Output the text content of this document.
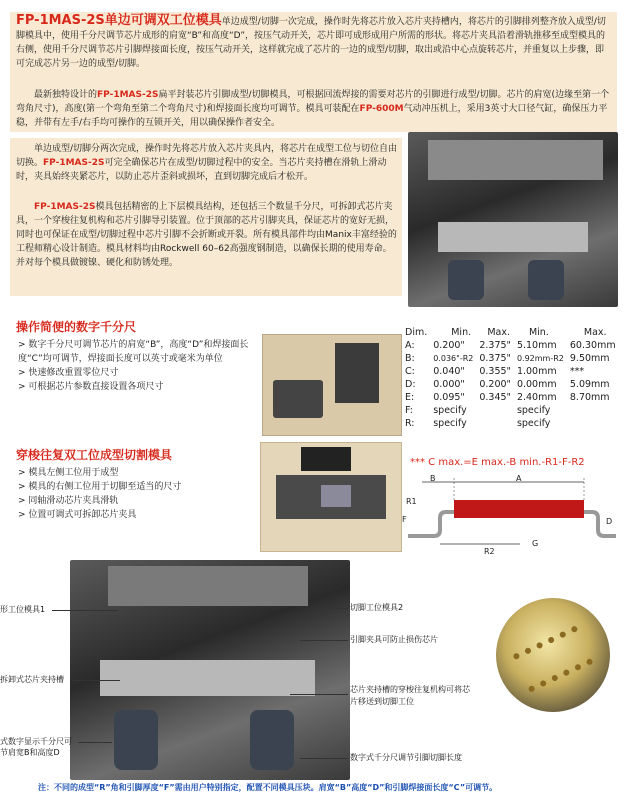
FP-1MAS-2S单边可调双工位模具单边成型/切脚一次完成，操作时先将芯片放入芯片夹持槽内，将芯片的引脚排列整齐放入成型/切脚模具中，使用千分尺调节芯片成形的肩宽“B”和高度“D”，按压气动开关，芯片即可成形成用户所需的形状。将芯片夹具沿着滑轨推移至成型模具的右侧，使用千分尺调节芯片引脚焊接面长度，按压气动开关，这样就完成了芯片的一边的成型/切脚，取出或沿中心点旋转芯片，并重复以上步骤，即可完成芯片另一边的成型/切脚。
最新独特设计的FP-1MAS-2S扁平封装芯片引脚成型/切脚模具，可根据回流焊接的需要对芯片的引脚进行成型/切脚。芯片的肩宽(边缘至第一个弯角尺寸)，高度(第一个弯角至第二个弯角尺寸)和焊接面长度均可调节。模具可装配在FP-600M气动冲压机上，采用3英寸大口径气缸，确保压力平稳，并带有左手/右手均可操作的互锁开关，用以确保操作者安全。
单边成型/切脚分两次完成，操作时先将芯片放入芯片夹具内，将芯片在成型工位与切位自由切换。FP-1MAS-2S可完全确保芯片在成型/切脚过程中的安全。当芯片夹持槽在滑轨上滑动时，夹具始终夹紧芯片，以防止芯片歪斜或损坏，直到切脚完成后才松开。
FP-1MAS-2S模具包括精密的上下层模具结构，还包括三个数显千分尺，可拆卸式芯片夹具，一个穿梭往复机构和芯片引脚导引装置。位于顶部的芯片引脚夹具，保证芯片的宽好无损，同时也可保证在成型/切脚过程中芯片引脚不会折断或开裂。所有模具部件均由Manix丰富经验的工程师精心设计制造。模具材料均由Rockwell 60–62高强度钢制造，以确保长期的使用寿命。并对每个模具做镀镍、硬化和防锈处理。
操作简便的数字千分尺
> 数字千分尺可调节芯片的肩宽“B”，高度“D”和焊接面长度“C”均可调节，焊接面长度可以英寸或毫米为单位
> 快速修改重置零位尺寸
> 可根据芯片参数直接设置各项尺寸
Dim.	Min.	Max.	Min.	Max.
A:	0.200"	2.375"	5.10mm	60.30mm
B:	0.036"-R2	0.375"	0.92mm-R2	9.50mm
C:	0.040"	0.355"	1.00mm	***
D:	0.000"	0.200"	0.00mm	5.09mm
E:	0.095"	0.345"	2.40mm	8.70mm
F:	specify		specify	
R:	specify		specify	
*** C max.=E max.-B min.-R1-F-R2
穿梭往复双工位成型切割模具
> 模具左侧工位用于成型
> 模具的右侧工位用于切脚至适当的尺寸
> 同轴滑动芯片夹具滑轨
> 位置可调式可拆卸芯片夹具
B	A
R1
F	D
R2
G
形工位模具1
拆卸式芯片夹持槽
式数字显示千分尺可节肩宽B和高度D
切脚工位模具2
引脚夹具可防止损伤芯片
芯片夹持槽的穿梭往复机构可将芯片移送到切脚工位
数字式千分尺调节引脚切脚长度
注：不同的成型“R”角和引脚厚度“F”需由用户特别指定，配置不同模具压块。肩宽“B”高度“D”和引脚焊接面长度“C”可调节。
